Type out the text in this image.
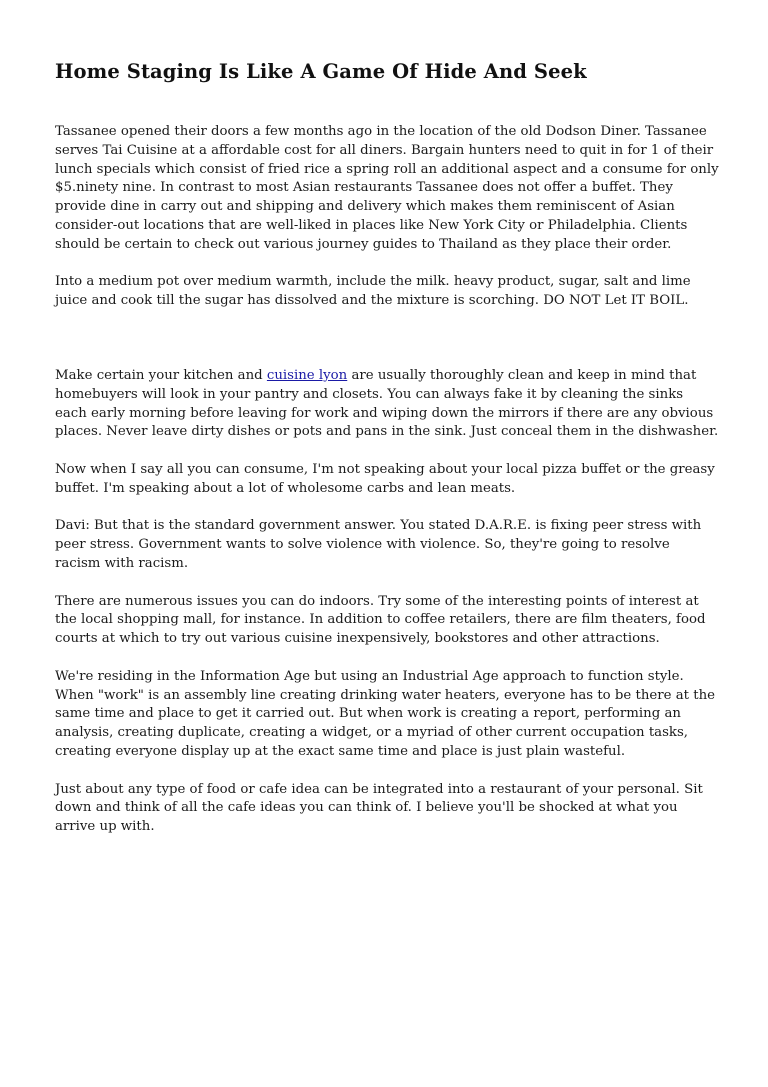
Home Staging Is Like A Game Of Hide And Seek

Tassanee opened their doors a few months ago in the location of the old Dodson Diner. Tassanee serves Tai Cuisine at a affordable cost for all diners. Bargain hunters need to quit in for 1 of their lunch specials which consist of fried rice a spring roll an additional aspect and a consume for only $5.ninety nine. In contrast to most Asian restaurants Tassanee does not offer a buffet. They provide dine in carry out and shipping and delivery which makes them reminiscent of Asian consider-out locations that are well-liked in places like New York City or Philadelphia. Clients should be certain to check out various journey guides to Thailand as they place their order.

Into a medium pot over medium warmth, include the milk. heavy product, sugar, salt and lime juice and cook till the sugar has dissolved and the mixture is scorching. DO NOT Let IT BOIL.

Make certain your kitchen and cuisine lyon are usually thoroughly clean and keep in mind that homebuyers will look in your pantry and closets. You can always fake it by cleaning the sinks each early morning before leaving for work and wiping down the mirrors if there are any obvious places. Never leave dirty dishes or pots and pans in the sink. Just conceal them in the dishwasher.

Now when I say all you can consume, I'm not speaking about your local pizza buffet or the greasy buffet. I'm speaking about a lot of wholesome carbs and lean meats.

Davi: But that is the standard government answer. You stated D.A.R.E. is fixing peer stress with peer stress. Government wants to solve violence with violence. So, they're going to resolve racism with racism.

There are numerous issues you can do indoors. Try some of the interesting points of interest at the local shopping mall, for instance. In addition to coffee retailers, there are film theaters, food courts at which to try out various cuisine inexpensively, bookstores and other attractions.

We're residing in the Information Age but using an Industrial Age approach to function style. When "work" is an assembly line creating drinking water heaters, everyone has to be there at the same time and place to get it carried out. But when work is creating a report, performing an analysis, creating duplicate, creating a widget, or a myriad of other current occupation tasks, creating everyone display up at the exact same time and place is just plain wasteful.

Just about any type of food or cafe idea can be integrated into a restaurant of your personal. Sit down and think of all the cafe ideas you can think of. I believe you'll be shocked at what you arrive up with.
